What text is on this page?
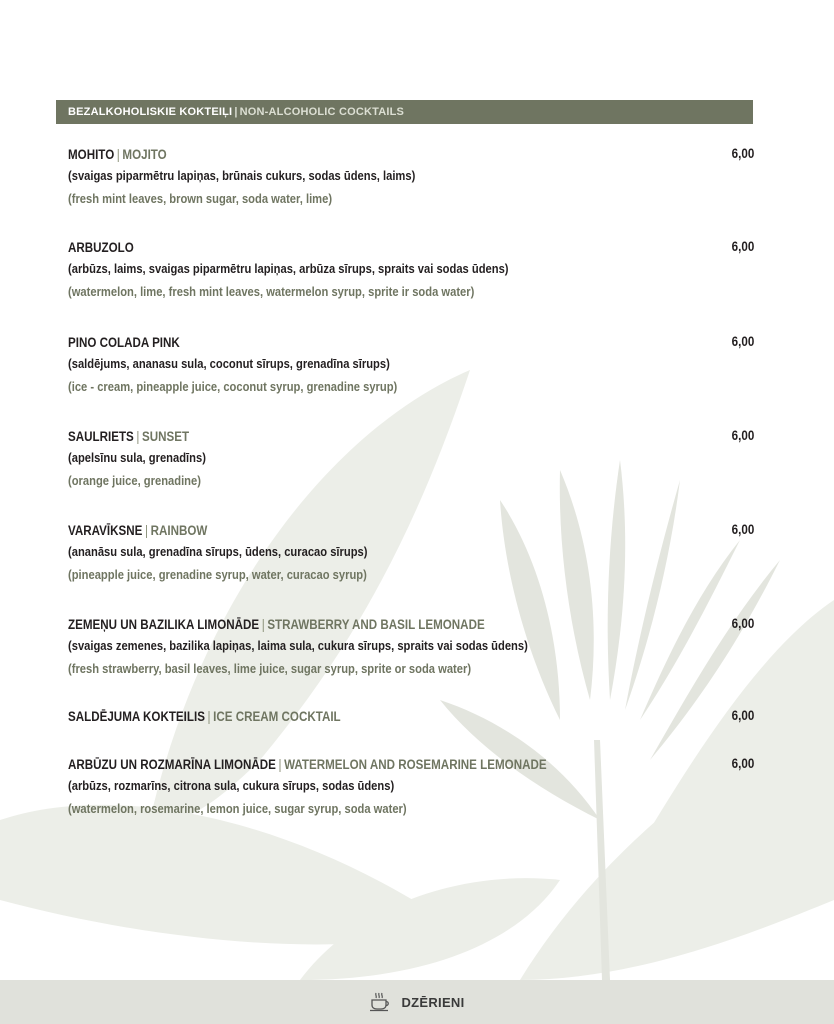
BEZALKOHOLISKIE KOKTEIĻI | NON-ALCOHOLIC COCKTAILS
MOHITO | MOJITO
(svaigas piparmētru lapiņas, brūnais cukurs, sodas ūdens, laims)
(fresh mint leaves, brown sugar, soda water, lime)
6,00
ARBUZOLO
(arbūzs, laims, svaigas piparmētru lapiņas, arbūza sīrups, spraits vai sodas ūdens)
(watermelon, lime, fresh mint leaves, watermelon syrup, sprite ir soda water)
6,00
PINO COLADA PINK
(saldējums, ananasu sula, coconut sīrups, grenadīna sīrups)
(ice - cream, pineapple juice, coconut syrup, grenadine syrup)
6,00
SAULRIETS | SUNSET
(apelsīnu sula, grenadīns)
(orange juice, grenadine)
6,00
VARAVĪKSNE | RAINBOW
(ananāsu sula, grenadīna sīrups, ūdens, curacao sīrups)
(pineapple juice, grenadine syrup, water, curacao syrup)
6,00
ZEMEŅU UN BAZILIKA LIMONĀDE | STRAWBERRY AND BASIL LEMONADE
(svaigas zemenes, bazilika lapiņas, laima sula, cukura sīrups, spraits vai sodas ūdens)
(fresh strawberry, basil leaves, lime juice, sugar syrup, sprite or soda water)
6,00
SALDĒJUMA KOKTEILIS | ICE CREAM COCKTAIL	6,00
ARBŪZU UN ROZMARĪNA LIMONĀDE | WATERMELON AND ROSEMARINE LEMONADE
(arbūzs, rozmarīns, citrona sula, cukura sīrups, sodas ūdens)
(watermelon, rosemarine, lemon juice, sugar syrup, soda water)
6,00
DZĒRIENI
